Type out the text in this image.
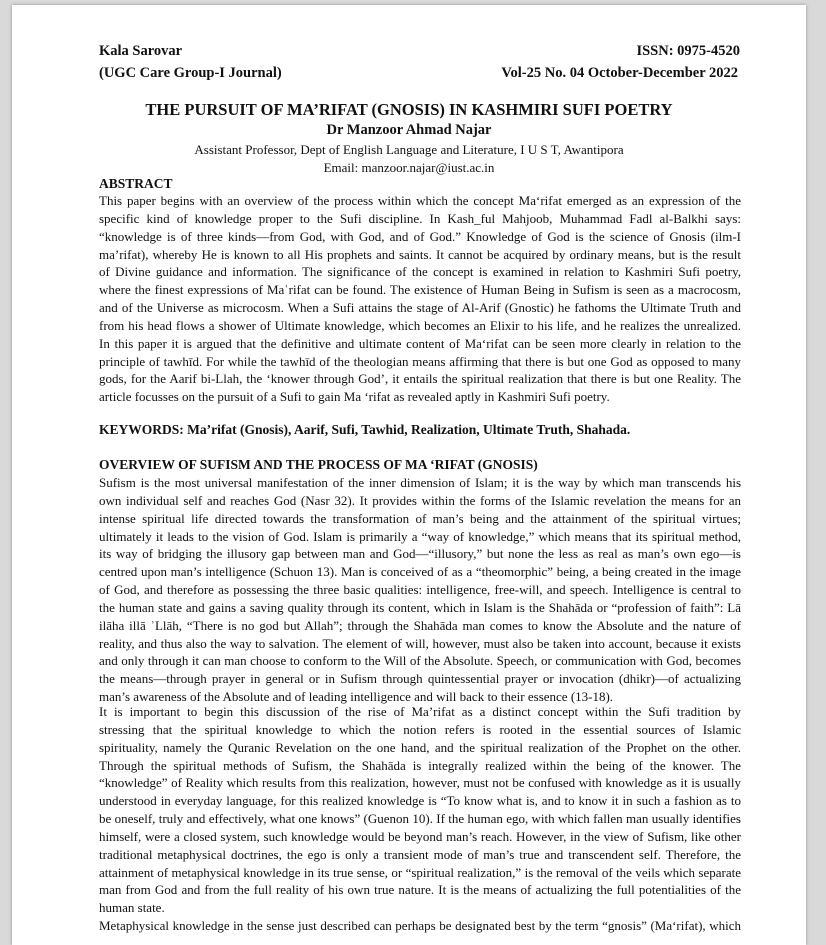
Kala Sarovar
(UGC Care Group-I Journal)
ISSN: 0975-4520
Vol-25 No. 04 October-December 2022
THE PURSUIT OF MA’RIFAT (GNOSIS) IN KASHMIRI SUFI POETRY
Dr Manzoor Ahmad Najar
Assistant Professor, Dept of English Language and Literature, I U S T, Awantipora
Email: manzoor.najar@iust.ac.in
ABSTRACT
This paper begins with an overview of the process within which the concept Maʻrifat emerged as an expression of the
specific kind of knowledge proper to the Sufi discipline. In Kash_ful Mahjoob, Muhammad Fadl al-Balkhi says:
“knowledge is of three kinds—from God, with God, and of God.” Knowledge of God is the science of Gnosis (ilm-I
ma’rifat), whereby He is known to all His prophets and saints. It cannot be acquired by ordinary means, but is the result
of Divine guidance and information. The significance of the concept is examined in relation to Kashmiri Sufi poetry,
where the finest expressions of Maʿrifat can be found. The existence of Human Being in Sufism is seen as a macrocosm,
and of the Universe as microcosm. When a Sufi attains the stage of Al-Arif (Gnostic) he fathoms the Ultimate Truth and
from his head flows a shower of Ultimate knowledge, which becomes an Elixir to his life, and he realizes the unrealized.
In this paper it is argued that the definitive and ultimate content of Maʻrifat can be seen more clearly in relation to the
principle of tawhīd. For while the tawhīd of the theologian means affirming that there is but one God as opposed to many
gods, for the Aarif bi-Llah, the ‘knower through God’, it entails the spiritual realization that there is but one Reality. The
article focusses on the pursuit of a Sufi to gain Ma ‘rifat as revealed aptly in Kashmiri Sufi poetry.
KEYWORDS: Ma’rifat (Gnosis), Aarif, Sufi, Tawhid, Realization, Ultimate Truth, Shahada.
OVERVIEW OF SUFISM AND THE PROCESS OF MA ‘RIFAT (GNOSIS)
Sufism is the most universal manifestation of the inner dimension of Islam; it is the way by which man transcends his
own individual self and reaches God (Nasr 32). It provides within the forms of the Islamic revelation the means for an
intense spiritual life directed towards the transformation of man’s being and the attainment of the spiritual virtues;
ultimately it leads to the vision of God. Islam is primarily a “way of knowledge,” which means that its spiritual method,
its way of bridging the illusory gap between man and God—“illusory,” but none the less as real as man’s own ego—is
centred upon man’s intelligence (Schuon 13). Man is conceived of as a “theomorphic” being, a being created in the image
of God, and therefore as possessing the three basic qualities: intelligence, free-will, and speech. Intelligence is central to
the human state and gains a saving quality through its content, which in Islam is the Shahāda or “profession of faith”: Lā
ilāha illā ʾLlāh, “There is no god but Allah”; through the Shahāda man comes to know the Absolute and the nature of
reality, and thus also the way to salvation. The element of will, however, must also be taken into account, because it exists
and only through it can man choose to conform to the Will of the Absolute. Speech, or communication with God, becomes
the means—through prayer in general or in Sufism through quintessential prayer or invocation (dhikr)—of actualizing
man’s awareness of the Absolute and of leading intelligence and will back to their essence (13-18).
It is important to begin this discussion of the rise of Ma’rifat as a distinct concept within the Sufi tradition by
stressing that the spiritual knowledge to which the notion refers is rooted in the essential sources of Islamic
spirituality, namely the Quranic Revelation on the one hand, and the spiritual realization of the Prophet on the other.
Through the spiritual methods of Sufism, the Shahāda is integrally realized within the being of the knower. The
“knowledge” of Reality which results from this realization, however, must not be confused with knowledge as it is usually
understood in everyday language, for this realized knowledge is “To know what is, and to know it in such a fashion as to
be oneself, truly and effectively, what one knows” (Guenon 10). If the human ego, with which fallen man usually identifies
himself, were a closed system, such knowledge would be beyond man’s reach. However, in the view of Sufism, like other
traditional metaphysical doctrines, the ego is only a transient mode of man’s true and transcendent self. Therefore, the
attainment of metaphysical knowledge in its true sense, or “spiritual realization,” is the removal of the veils which separate
man from God and from the full reality of his own true nature. It is the means of actualizing the full potentialities of the
human state.
Metaphysical knowledge in the sense just described can perhaps be designated best by the term “gnosis” (Maʻrifat), which
